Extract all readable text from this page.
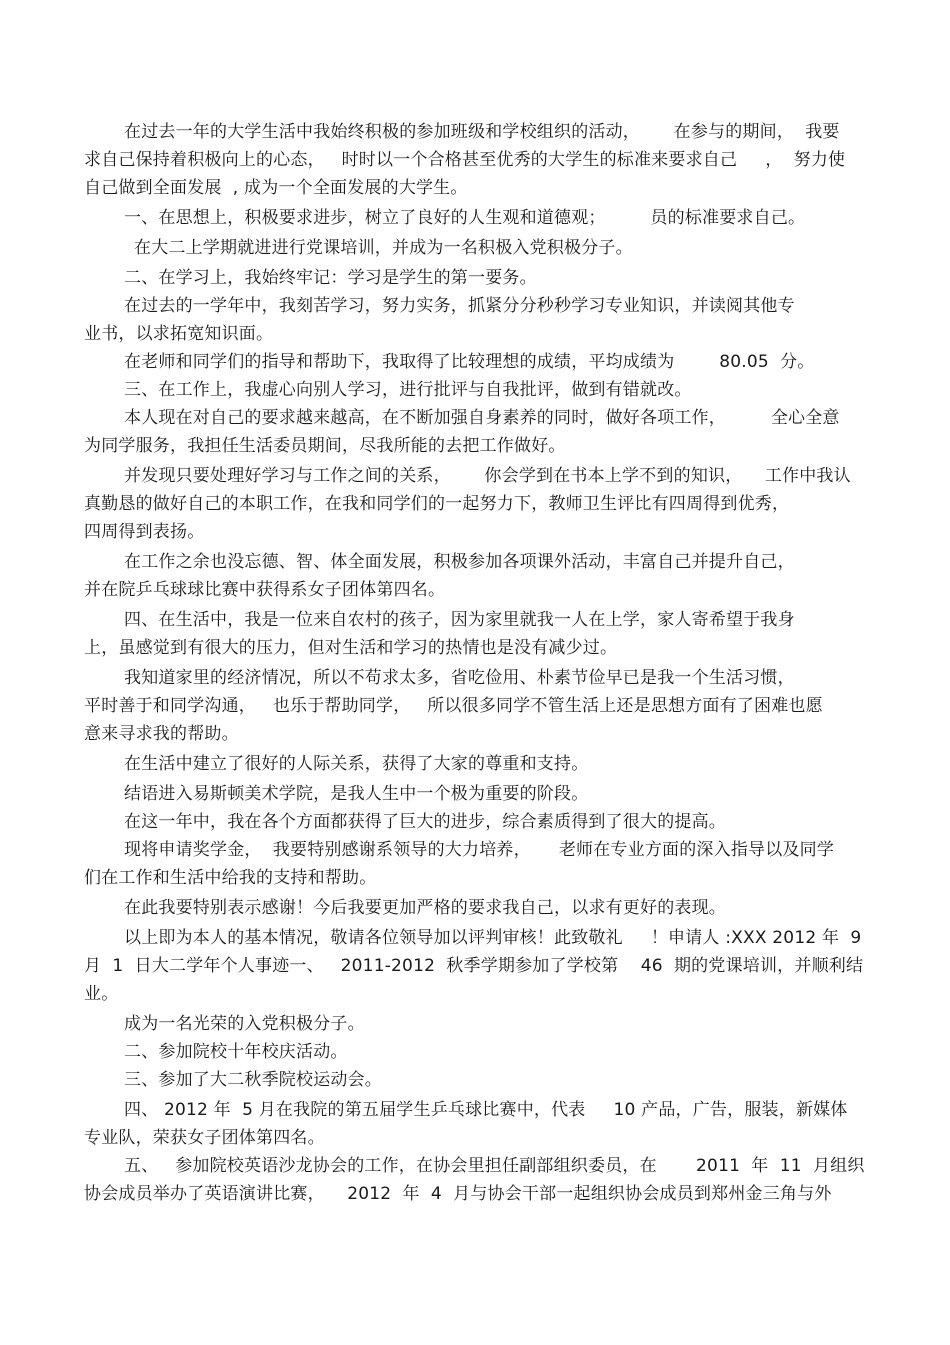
在过去一年的大学生活中我始终积极的参加班级和学校组织的活动，      在参与的期间，  我要
求自己保持着积极向上的心态，   时时以一个合格甚至优秀的大学生的标准来要求自己     ，  努力使
自己做到全面发展  , 成为一个全面发展的大学生。
一、在思想上，积极要求进步，树立了良好的人生观和道德观；        员的标准要求自己。
在大二上学期就进进行党课培训，并成为一名积极入党积极分子。
二、在学习上，我始终牢记：学习是学生的第一要务。
在过去的一学年中，我刻苦学习，努力实务，抓紧分分秒秒学习专业知识，并读阅其他专
业书，以求拓宽知识面。
在老师和同学们的指导和帮助下，我取得了比较理想的成绩，平均成绩为        80.05  分。
三、在工作上，我虚心向别人学习，进行批评与自我批评，做到有错就改。
本人现在对自己的要求越来越高，在不断加强自身素养的同时，做好各项工作，        全心全意
为同学服务，我担任生活委员期间，尽我所能的去把工作做好。
并发现只要处理好学习与工作之间的关系，      你会学到在书本上学不到的知识，    工作中我认
真勤恳的做好自己的本职工作，在我和同学们的一起努力下，教师卫生评比有四周得到优秀，
四周得到表扬。
在工作之余也没忘德、智、体全面发展，积极参加各项课外活动，丰富自己并提升自己，
并在院乒乓球球比赛中获得系女子团体第四名。
四、在生活中，我是一位来自农村的孩子，因为家里就我一人在上学，家人寄希望于我身
上，虽感觉到有很大的压力，但对生活和学习的热情也是没有减少过。
我知道家里的经济情况，所以不苟求太多，省吃俭用、朴素节俭早已是我一个生活习惯，
平时善于和同学沟通，   也乐于帮助同学，   所以很多同学不管生活上还是思想方面有了困难也愿
意来寻求我的帮助。
在生活中建立了很好的人际关系，获得了大家的尊重和支持。
结语进入易斯顿美术学院，是我人生中一个极为重要的阶段。
在这一年中，我在各个方面都获得了巨大的进步，综合素质得到了很大的提高。
现将申请奖学金，  我要特别感谢系领导的大力培养，     老师在专业方面的深入指导以及同学
们在工作和生活中给我的支持和帮助。
在此我要特别表示感谢！今后我要更加严格的要求我自己，以求有更好的表现。
以上即为本人的基本情况，敬请各位领导加以评判审核！此致敬礼     ！申请人 :XXX 2012 年  9
月  1  日大二学年个人事迹一、   2011-2012  秋季学期参加了学校第    46  期的党课培训，并顺利结
业。
成为一名光荣的入党积极分子。
二、参加院校十年校庆活动。
三、参加了大二秋季院校运动会。
四、 2012 年  5 月在我院的第五届学生乒乓球比赛中，代表     10 产品，广告，服装，新媒体
专业队，荣获女子团体第四名。
五、   参加院校英语沙龙协会的工作，在协会里担任副部组织委员，在       2011  年  11  月组织
协会成员举办了英语演讲比赛，    2012  年  4  月与协会干部一起组织协会成员到郑州金三角与外
